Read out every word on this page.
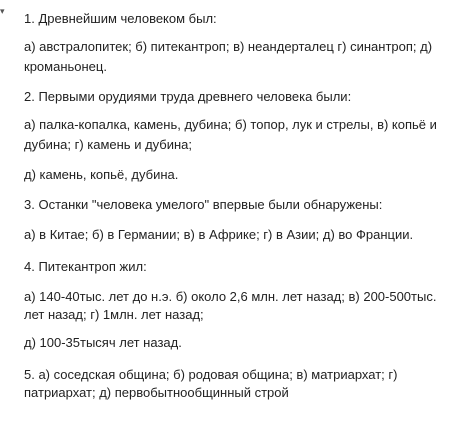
▾ 1. Древнейшим человеком был:
а) австралопитек; б) питекантроп; в) неандерталец г) синантроп; д)
кроманьонец.
2. Первыми орудиями труда древнего человека были:
а) палка-копалка, камень, дубина; б) топор, лук и стрелы, в) копьё и
дубина; г) камень и дубина;
д) камень, копьё, дубина.
3. Останки "человека умелого" впервые были обнаружены:
а) в Китае; б) в Германии; в) в Африке; г) в Азии; д) во Франции.
4. Питекантроп жил:
а) 140-40тыс. лет до н.э. б) около 2,6 млн. лет назад; в) 200-500тыс.
лет назад; г) 1млн. лет назад;
д) 100-35тысяч лет назад.
5. а) соседская община; б) родовая община; в) матриархат; г)
патриархат; д) первобытнообщинный строй
